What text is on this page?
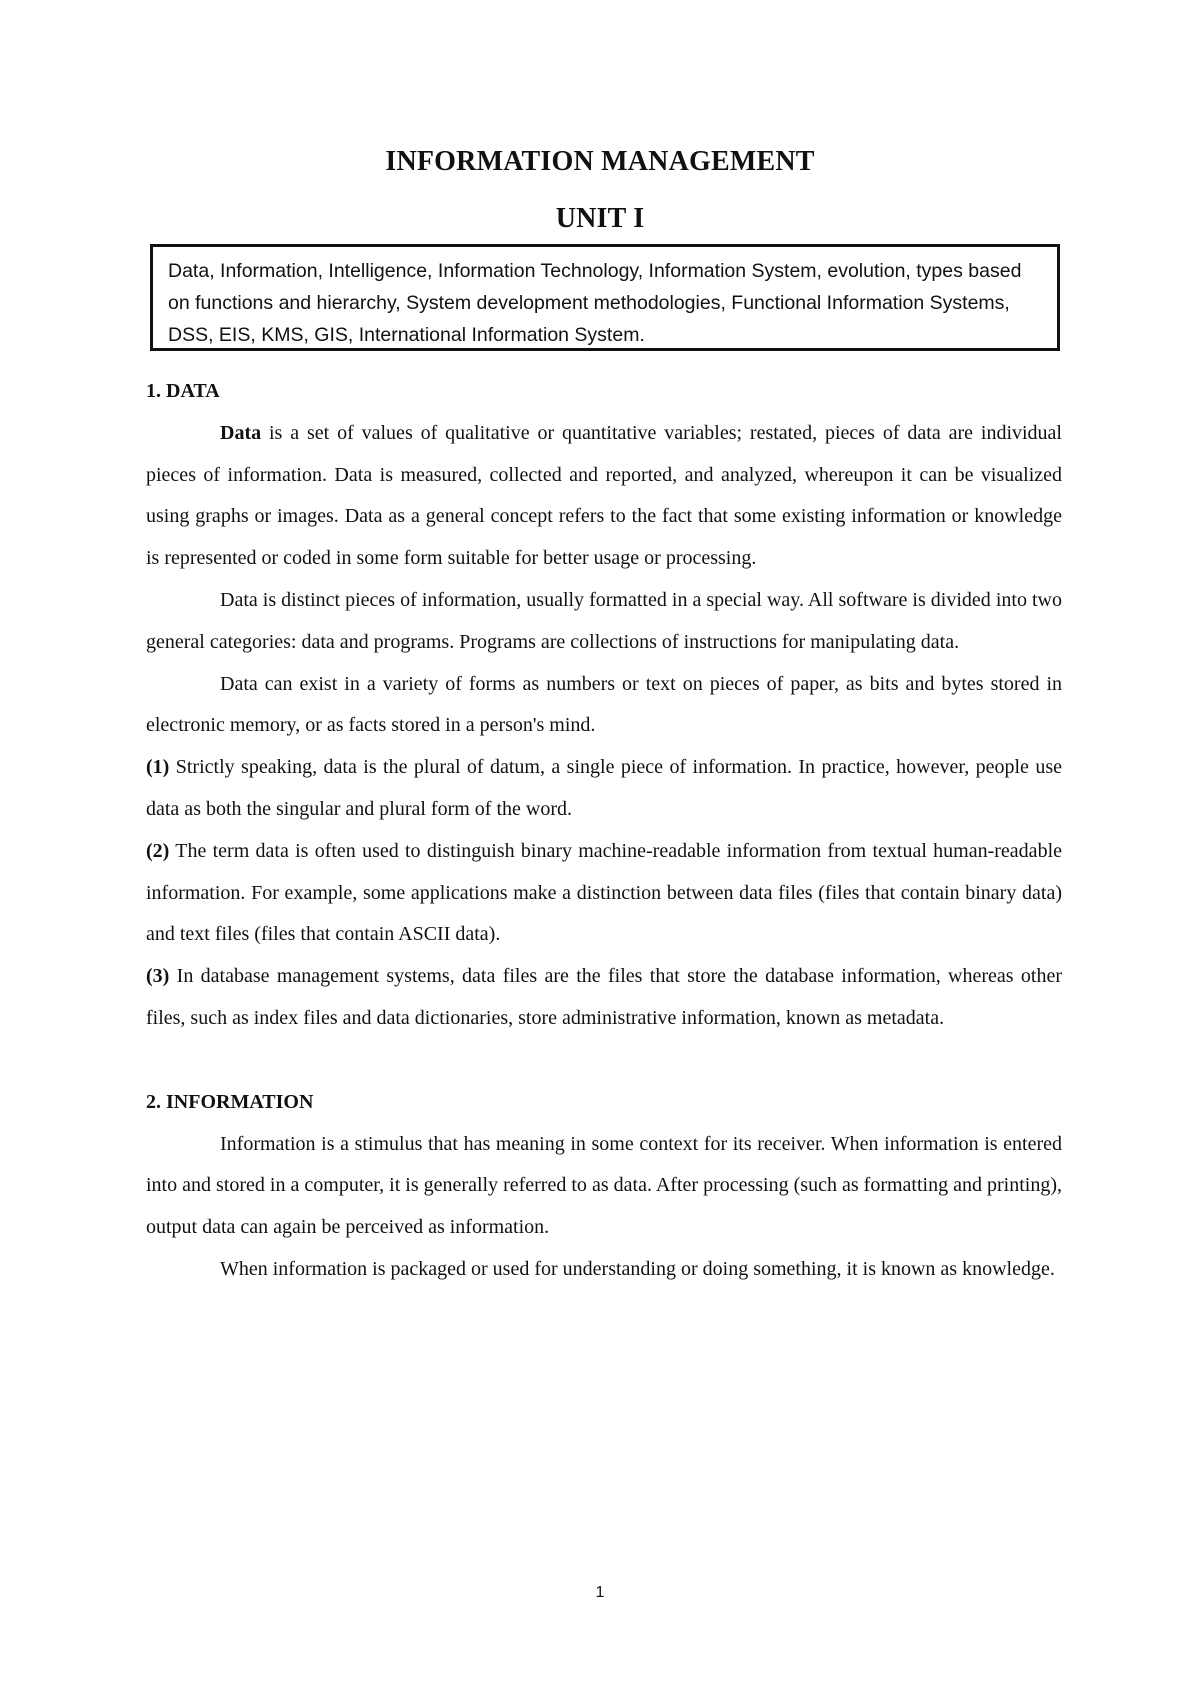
INFORMATION MANAGEMENT
UNIT I
Data, Information, Intelligence, Information Technology, Information System, evolution, types based on functions and hierarchy, System development methodologies, Functional Information Systems, DSS, EIS, KMS, GIS, International Information System.

1. DATA

Data is a set of values of qualitative or quantitative variables; restated, pieces of data are individual pieces of information. Data is measured, collected and reported, and analyzed, whereupon it can be visualized using graphs or images. Data as a general concept refers to the fact that some existing information or knowledge is represented or coded in some form suitable for better usage or processing.

Data is distinct pieces of information, usually formatted in a special way. All software is divided into two general categories: data and programs. Programs are collections of instructions for manipulating data.

Data can exist in a variety of forms as numbers or text on pieces of paper, as bits and bytes stored in electronic memory, or as facts stored in a person's mind.

(1) Strictly speaking, data is the plural of datum, a single piece of information. In practice, however, people use data as both the singular and plural form of the word.

(2) The term data is often used to distinguish binary machine-readable information from textual human-readable information. For example, some applications make a distinction between data files (files that contain binary data) and text files (files that contain ASCII data).

(3) In database management systems, data files are the files that store the database information, whereas other files, such as index files and data dictionaries, store administrative information, known as metadata.

2. INFORMATION

Information is a stimulus that has meaning in some context for its receiver. When information is entered into and stored in a computer, it is generally referred to as data. After processing (such as formatting and printing), output data can again be perceived as information.

When information is packaged or used for understanding or doing something, it is known as knowledge.

1
